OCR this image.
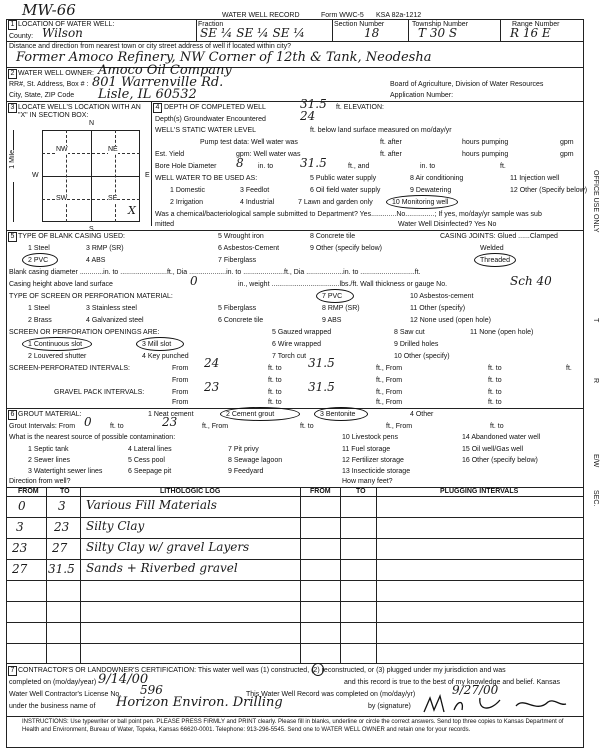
MW-66	WATER WELL RECORD	Form WWC-5 KSA 82a-1212
1 LOCATION OF WATER WELL:	Fraction	Section Number	Township Number	Range Number
County: Wilson	SE ¼ SE ¼ SE ¼	18	T 30 S	R 16 E
Distance and direction from nearest town or city street address of well if located within city?
Former Amoco Refinery, NW Corner of 12th & Tank, Neodesha
2 WATER WELL OWNER: Amoco Oil Company
RR#, St. Address, Box # : 801 Warrenville Rd.
City, State, ZIP Code Lisle, IL 60532
Board of Agriculture, Division of Water Resources
Application Number:
3 LOCATE WELL'S LOCATION WITH AN "X" IN SECTION BOX:
N
S
W	E
1 Mile
NW	NE
SW	SE
X
4 DEPTH OF COMPLETED WELL	31.5 ft. ELEVATION:
Depth(s) Groundwater Encountered	24
WELL'S STATIC WATER LEVEL	ft. below land surface measured on mo/day/yr
Pump test data: Well water was
Est. Yield	gpm: Well water was
ft. after
ft. after
hours pumping
hours pumping
gpm
gpm
Bore Hole Diameter 8 in. to 31.5	ft., and	in. to	ft.
WELL WATER TO BE USED AS:
1 Domestic	3 Feedlot
5 Public water supply	8 Air conditioning	11 Injection well
2 Irrigation	4 Industrial	7 Lawn and garden only	10 Monitoring well
9 Dewatering	12 Other (Specify below)
6 Oil field water supply
Was a chemical/bacteriological sample submitted to Department? Yes.............No...............; If yes, mo/day/yr sample was sub
mitted	Water Well Disinfected? Yes No
5 TYPE OF BLANK CASING USED:
1 Steel	3 RMP (SR)
5 Wrought iron	8 Concrete tile
2 PVC	4 ABS
6 Asbestos-Cement
7 Fiberglass
9 Other (specify below)
CASING JOINTS: Glued ......Clamped
Welded
Threaded
Blank casing diameter ............in. to ........................ft., Dia ...................in. to .....................ft., Dia ...................in. to ............................ft.
Casing height above land surface	0	in., weight ...................................lbs./ft. Wall thickness or gauge No.	Sch 40
TYPE OF SCREEN OR PERFORATION MATERIAL:
1 Steel	3 Stainless steel	5 Fiberglass
7 PVC
8 RMP (SR)
10 Asbestos-cement
2 Brass	4 Galvanized steel	6 Concrete tile	9 ABS
11 Other (specify)
12 None used (open hole)
SCREEN OR PERFORATION OPENINGS ARE:
1 Continuous slot	3 Mill slot
5 Gauzed wrapped	8 Saw cut	11 None (open hole)
2 Louvered shutter	4 Key punched
6 Wire wrapped
7 Torch cut
9 Drilled holes
10 Other (specify)
SCREEN-PERFORATED INTERVALS:	From 24	ft. to 31.5	ft., From	ft. to	ft.
From	ft. to	ft., From	ft. to
GRAVEL PACK INTERVALS:	From 23	ft. to 31.5	ft., From	ft. to
From	ft. to	ft., From	ft. to
6 GROUT MATERIAL:	1 Neat cement	2 Cement grout	3 Bentonite	4 Other
Grout Intervals: From 0	ft. to	23	ft., From	ft. to	ft., From	ft. to
What is the nearest source of possible contamination:
1 Septic tank	4 Lateral lines	7 Pit privy
10 Livestock pens	14 Abandoned water well
2 Sewer lines	5 Cess pool	8 Sewage lagoon
11 Fuel storage	15 Oil well/Gas well
3 Watertight sewer lines	6 Seepage pit	9 Feedyard
12 Fertilizer storage
13 Insecticide storage
16 Other (specify below)
Direction from well?	How many feet?
FROM	TO	LITHOLOGIC LOG	FROM	TO	PLUGGING INTERVALS
0	3 Various Fill Materials
3	23 Silty Clay
23 27 Silty Clay w/ gravel Layers
27 31.5 Sands + Riverbed gravel
7 CONTRACTOR'S OR LANDOWNER'S CERTIFICATION: This water well was (1) constructed, (2) reconstructed, or (3) plugged under my jurisdiction and was
completed on (mo/day/year) 9/14/00	and this record is true to the best of my knowledge and belief. Kansas
Water Well Contractor's License No. 596	This Water Well Record was completed on (mo/day/yr)	9/27/00
under the business name of Horizon Environ. Drilling	by (signature)
INSTRUCTIONS: Use typewriter or ball point pen. PLEASE PRESS FIRMLY and PRINT clearly. Please fill in blanks, underline or circle the correct answers. Send top three copies to Kansas Department of Health and Environment, Bureau of Water, Topeka, Kansas 66620-0001. Telephone: 913-296-5545. Send one to WATER WELL OWNER and retain one for your records.
OFFICE USE ONLY
T
R
E/W
SEC.
